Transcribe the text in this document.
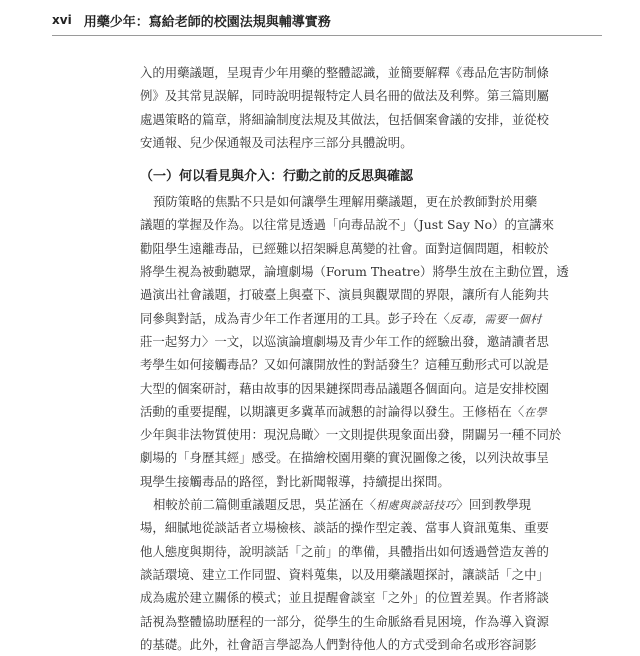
xvi 用藥少年：寫給老師的校園法規與輔導實務
入的用藥議題，呈現青少年用藥的整體認識，並簡要解釋《毒品危害防制條
例》及其常見誤解，同時說明提報特定人員名冊的做法及利弊。第三篇則屬
處遇策略的篇章，將細論制度法規及其做法，包括個案會議的安排，並從校
安通報、兒少保通報及司法程序三部分具體說明。
（一）何以看見與介入：行動之前的反思與確認
預防策略的焦點不只是如何讓學生理解用藥議題，更在於教師對於用藥
議題的掌握及作為。以往常見透過「向毒品說不」（Just Say No）的宣講來
勸阻學生遠離毒品，已經難以招架瞬息萬變的社會。面對這個問題，相較於
將學生視為被動聽眾，論壇劇場（Forum Theatre）將學生放在主動位置，透
過演出社會議題，打破臺上與臺下、演員與觀眾間的界限，讓所有人能夠共
同參與對話，成為青少年工作者運用的工具。彭子玲在〈反毒，需要一個村
莊一起努力〉一文，以巡演論壇劇場及青少年工作的經驗出發，邀請讀者思
考學生如何接觸毒品？又如何讓開放性的對話發生？這種互動形式可以說是
大型的個案研討，藉由故事的因果鏈探問毒品議題各個面向。這是安排校園
活動的重要提醒，以期讓更多冀革而誠懇的討論得以發生。王修梧在〈在學
少年與非法物質使用：現況鳥瞰〉一文則提供現象面出發，開闢另一種不同於
劇場的「身歷其經」感受。在描繪校園用藥的實況圖像之後，以列決故事呈
現學生接觸毒品的路徑，對比新聞報導，持續提出探問。
相較於前二篇側重議題反思，吳芷涵在〈相處與談話技巧〉回到教學現
場，細膩地從談話者立場檢核、談話的操作型定義、當事人資訊蒐集、重要
他人態度與期待，說明談話「之前」的準備，具體指出如何透過營造友善的
談話環境、建立工作同盟、資料蒐集，以及用藥議題探討，讓談話「之中」
成為處於建立關係的模式；並且提醒會談室「之外」的位置差異。作者將談
話視為整體協助歷程的一部分，從學生的生命脈絡看見困境，作為導入資源
的基礎。此外，社會語言學認為人們對待他人的方式受到命名或形容詞影
